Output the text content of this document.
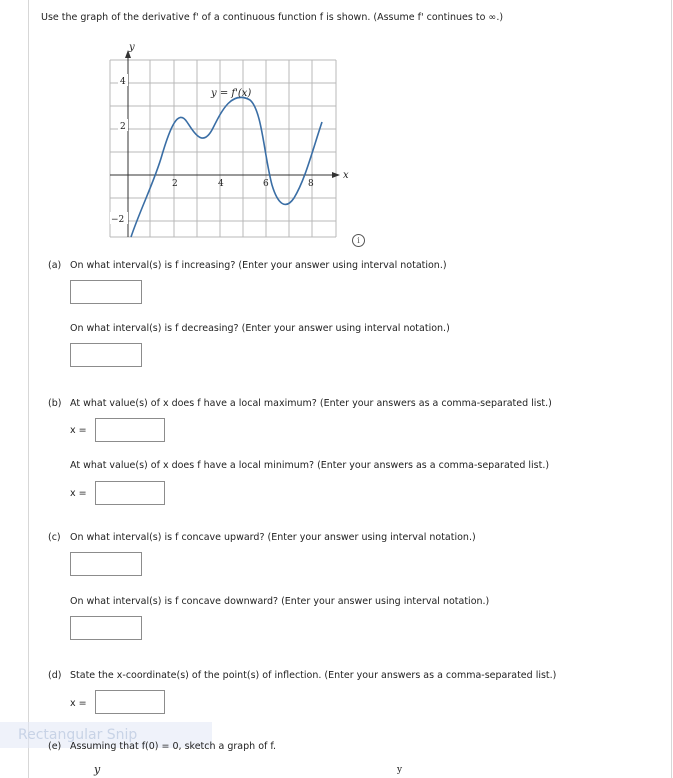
Use the graph of the derivative f' of a continuous function f is shown. (Assume f' continues to ∞.)
y
x
y = f'(x)
4
2
−2
2	4	6	8
i
(a) On what interval(s) is f increasing? (Enter your answer using interval notation.)
On what interval(s) is f decreasing? (Enter your answer using interval notation.)
(b) At what value(s) of x does f have a local maximum? (Enter your answers as a comma-separated list.)
x =
At what value(s) of x does f have a local minimum? (Enter your answers as a comma-separated list.)
x =
(c) On what interval(s) is f concave upward? (Enter your answer using interval notation.)
On what interval(s) is f concave downward? (Enter your answer using interval notation.)
(d) State the x-coordinate(s) of the point(s) of inflection. (Enter your answers as a comma-separated list.)
x =
Rectangular Snip
(e) Assuming that f(0) = 0, sketch a graph of f.
y	y
